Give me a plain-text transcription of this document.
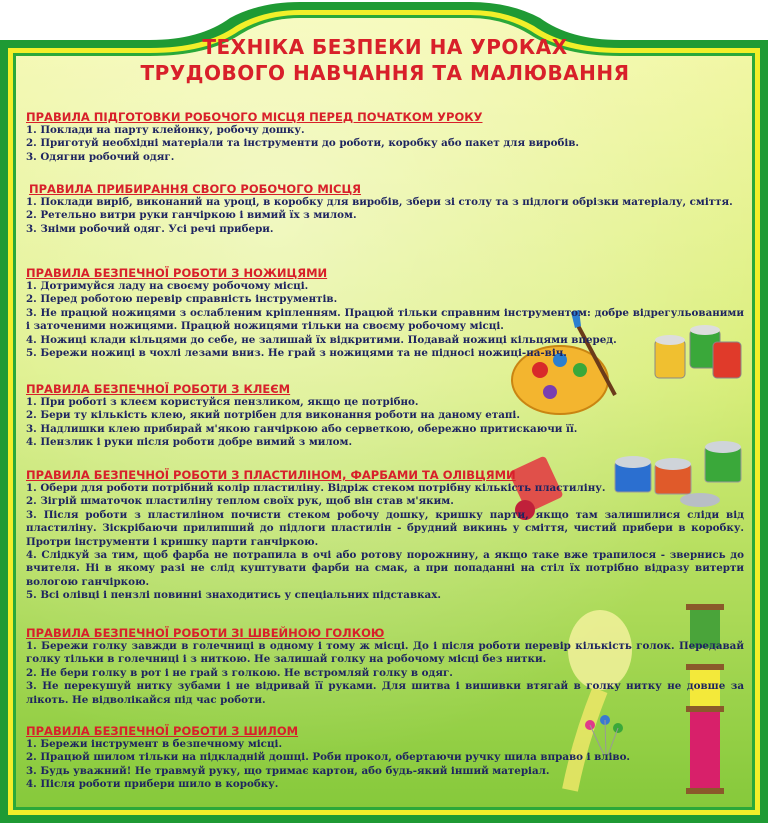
ТЕХНІКА БЕЗПЕКИ НА УРОКАХ
ТРУДОВОГО НАВЧАННЯ ТА МАЛЮВАННЯ
ПРАВИЛА ПІДГОТОВКИ РОБОЧОГО МІСЦЯ ПЕРЕД ПОЧАТКОМ УРОКУ
1. Поклади на парту клейонку, робочу дошку.
2. Приготуй необхідні матеріали та інструменти до роботи, коробку або пакет для виробів.
3. Одягни робочий одяг.
ПРАВИЛА ПРИБИРАННЯ СВОГО РОБОЧОГО МІСЦЯ
1. Поклади виріб, виконаний на уроці, в коробку для виробів, збери зі столу та з підлоги обрізки матеріалу, сміття.
2. Ретельно витри руки ганчіркою і вимий їх з милом.
3. Зніми робочий одяг. Усі речі прибери.
ПРАВИЛА БЕЗПЕЧНОЇ РОБОТИ З НОЖИЦЯМИ
1. Дотримуйся ладу на своєму робочому місці.
2. Перед роботою перевір справність інструментів.
3. Не працюй ножицями з ослабленим кріпленням. Працюй тільки справним інструментом: добре відрегульованими і заточеними ножицями. Працюй ножицями тільки на своєму робочому місці.
4. Ножиці клади кільцями до себе, не залишай їх відкритими. Подавай ножиці кільцями вперед.
5. Бережи ножиці в чохлі лезами вниз. Не грай з ножицями та не підносі ножиці-на-віч.
ПРАВИЛА БЕЗПЕЧНОЇ РОБОТИ З КЛЕЄМ
1. При роботі з клеєм користуйся пензликом, якщо це потрібно.
2. Бери ту кількість клею, який потрібен для виконання роботи на даному етапі.
3. Надлишки клею прибирай м'якою ганчіркою або серветкою, обережно притискаючи її.
4. Пензлик і руки після роботи добре вимий з милом.
ПРАВИЛА БЕЗПЕЧНОЇ РОБОТИ З ПЛАСТИЛІНОМ, ФАРБАМИ ТА ОЛІВЦЯМИ
1. Обери для роботи потрібний колір пластиліну. Відріж стеком потрібну кількість пластиліну.
2. Зігрій шматочок пластиліну теплом своїх рук, щоб він став м'яким.
3. Після роботи з пластиліном почисти стеком робочу дошку, кришку парти, якщо там залишилися сліди від пластиліну. Зіскрібаючи прилипший до підлоги пластилін - брудний викинь у сміття, чистий прибери в коробку. Протри інструменти і кришку парти ганчіркою.
4. Слідкуй за тим, щоб фарба не потрапила в очі або ротову порожнину, а якщо таке вже трапилося - звернись до вчителя. Ні в якому разі не слід куштувати фарби на смак, а при попаданні на стіл їх потрібно відразу витерти вологою ганчіркою.
5. Всі олівці і пензлі повинні знаходитись у спеціальних підставках.
ПРАВИЛА БЕЗПЕЧНОЇ РОБОТИ ЗІ ШВЕЙНОЮ ГОЛКОЮ
1. Бережи голку завжди в голечниці в одному і тому ж місці. До і після роботи перевір кількість голок. Передавай голку тільки в голечниці і з ниткою. Не залишай голку на робочому місці без нитки.
2. Не бери голку в рот і не грай з голкою. Не встромляй голку в одяг.
3. Не перекушуй нитку зубами і не відривай її руками. Для шитва і вишивки втягай в голку нитку не довше за лікоть. Не відволікайся під час роботи.
ПРАВИЛА БЕЗПЕЧНОЇ РОБОТИ З ШИЛОМ
1. Бережи інструмент в безпечному місці.
2. Працюй шилом тільки на підкладній дошці. Роби прокол, обертаючи ручку шила вправо і вліво.
3. Будь уважний! Не травмуй руку, що тримає картон, або будь-який інший матеріал.
4. Після роботи прибери шило в коробку.
